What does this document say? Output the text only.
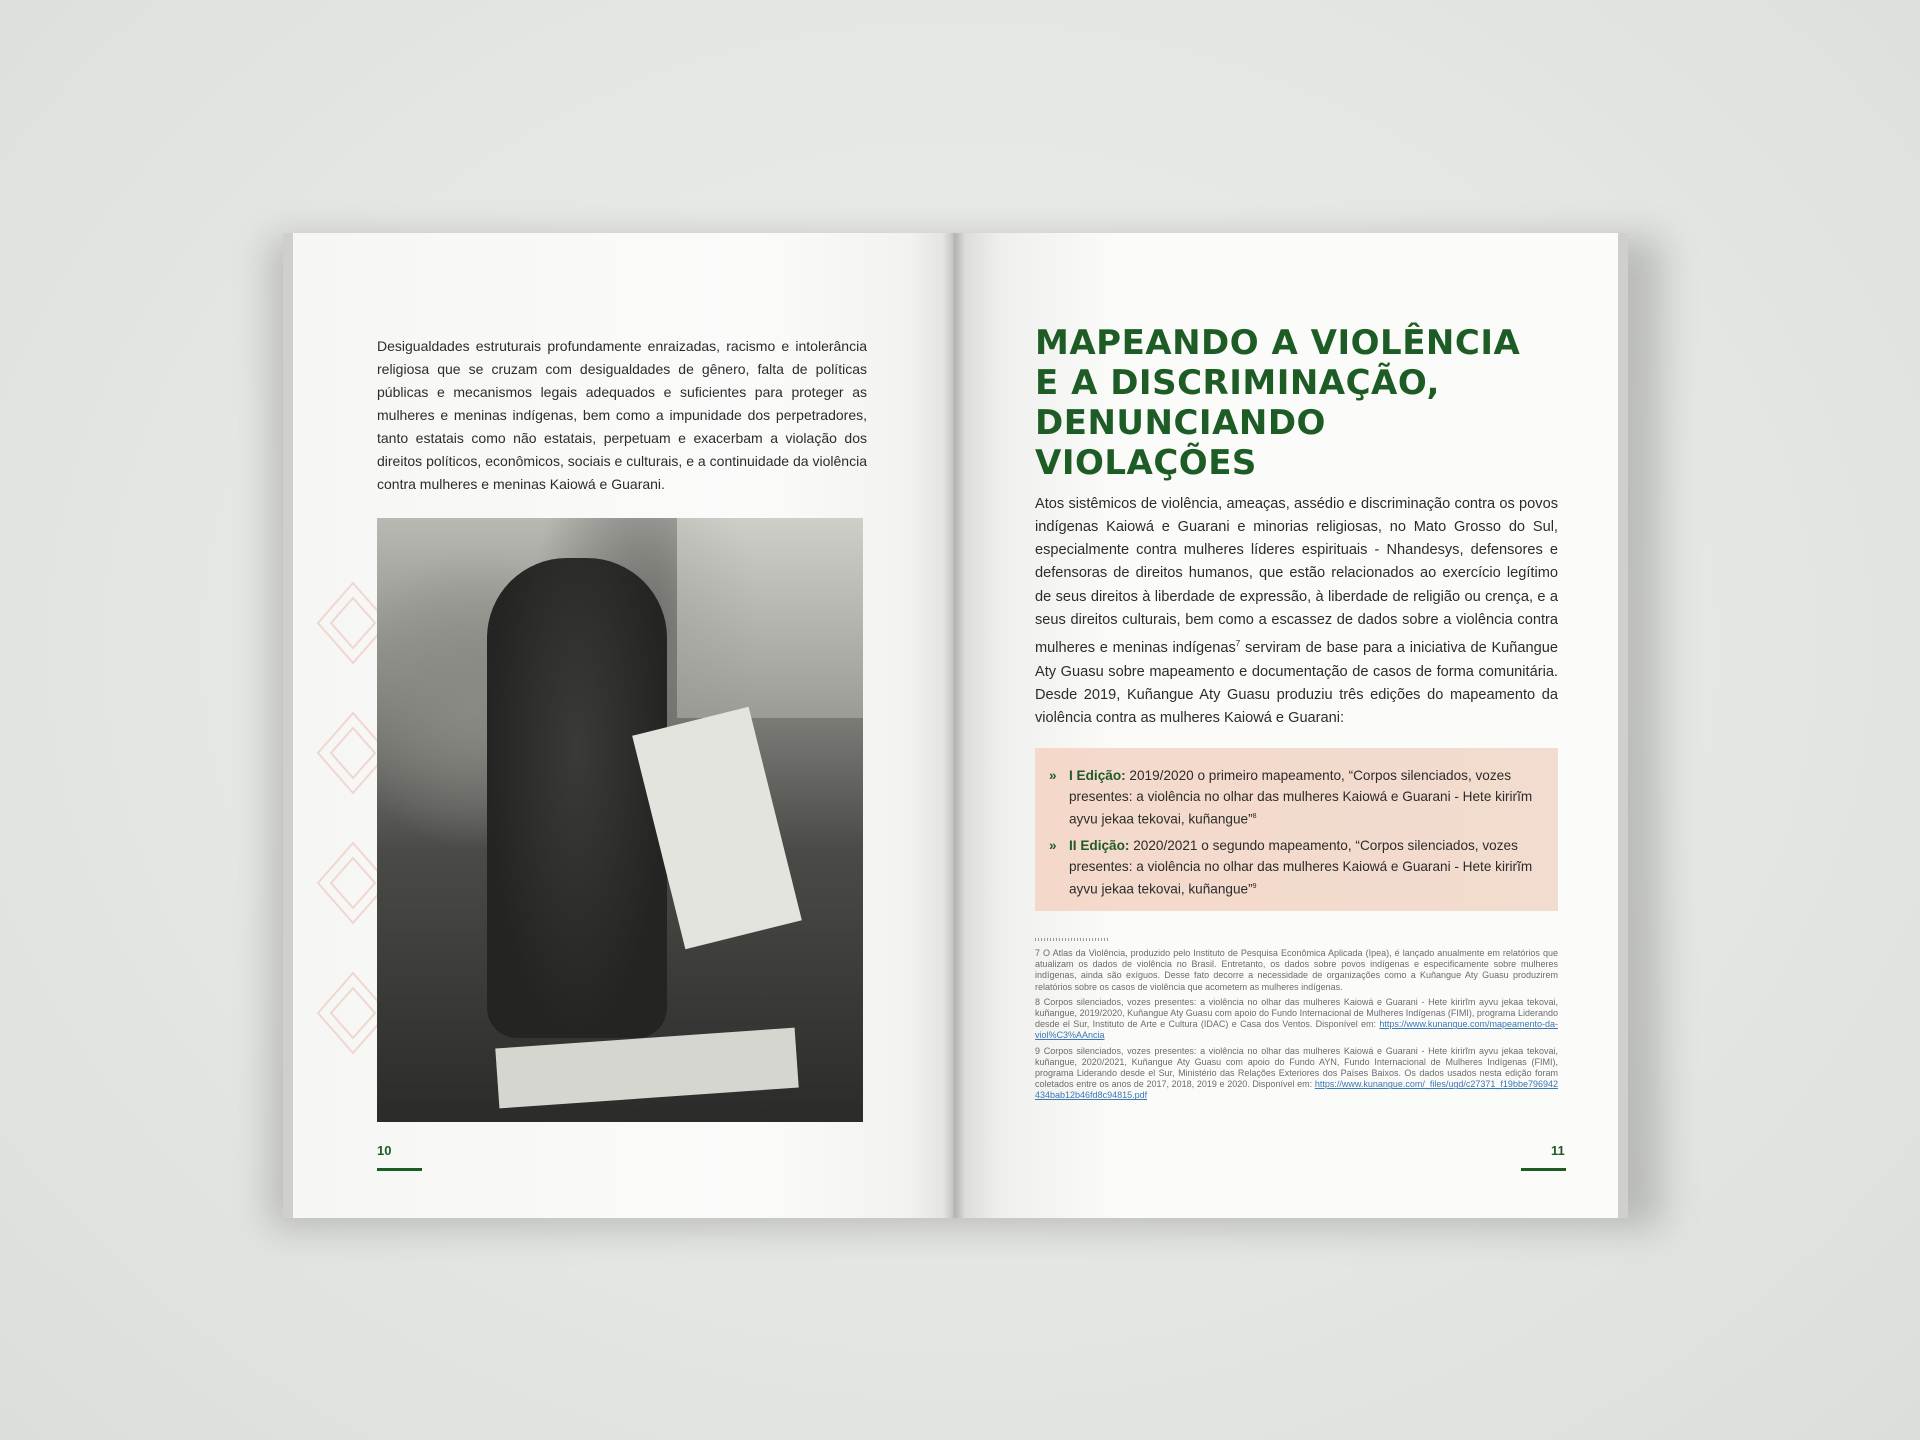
Desigualdades estruturais profundamente enraizadas, racismo e intolerância religiosa que se cruzam com desigualdades de gênero, falta de políticas públicas e mecanismos legais adequados e suficientes para proteger as mulheres e meninas indígenas, bem como a impunidade dos perpetradores, tanto estatais como não estatais, perpetuam e exacerbam a violação dos direitos políticos, econômicos, sociais e culturais, e a continuidade da violência contra mulheres e meninas Kaiowá e Guarani.

10
MAPEANDO A VIOLÊNCIA
E A DISCRIMINAÇÃO,
DENUNCIANDO VIOLAÇÕES

Atos sistêmicos de violência, ameaças, assédio e discriminação contra os povos indígenas Kaiowá e Guarani e minorias religiosas, no Mato Grosso do Sul, especialmente contra mulheres líderes espirituais - Nhandesys, defensores e defensoras de direitos humanos, que estão relacionados ao exercício legítimo de seus direitos à liberdade de expressão, à liberdade de religião ou crença, e a seus direitos culturais, bem como a escassez de dados sobre a violência contra mulheres e meninas indígenas$^7$ serviram de base para a iniciativa de Kuñangue Aty Guasu sobre mapeamento e documentação de casos de forma comunitária. Desde 2019, Kuñangue Aty Guasu produziu três edições do mapeamento da violência contra as mulheres Kaiowá e Guarani:

» I Edição: 2019/2020 o primeiro mapeamento, “Corpos silenciados, vozes presentes: a violência no olhar das mulheres Kaiowá e Guarani - Hete kirirĩm ayvu jekaa tekovai, kuñangue”$^8$
» II Edição: 2020/2021 o segundo mapeamento, “Corpos silenciados, vozes presentes: a violência no olhar das mulheres Kaiowá e Guarani - Hete kirirĩm ayvu jekaa tekovai, kuñangue”$^9$

7 O Atlas da Violência, produzido pelo Instituto de Pesquisa Econômica Aplicada (Ipea), é lançado anualmente em relatórios que atualizam os dados de violência no Brasil. Entretanto, os dados sobre povos indígenas e especificamente sobre mulheres indígenas, ainda são exíguos. Desse fato decorre a necessidade de organizações como a Kuñangue Aty Guasu produzirem relatórios sobre os casos de violência que acometem as mulheres indígenas.

8 Corpos silenciados, vozes presentes: a violência no olhar das mulheres Kaiowá e Guarani - Hete kirirĩm ayvu jekaa tekovai, kuñangue, 2019/2020, Kuñangue Aty Guasu com apoio do Fundo Internacional de Mulheres Indígenas (FIMI), programa Liderando desde el Sur, Instituto de Arte e Cultura (IDAC) e Casa dos Ventos. Disponível em: https://www.kunangue.com/mapeamento-da-viol%C3%AAncia

9 Corpos silenciados, vozes presentes: a violência no olhar das mulheres Kaiowá e Guarani - Hete kirirĩm ayvu jekaa tekovai, kuñangue, 2020/2021, Kuñangue Aty Guasu com apoio do Fundo AYN, Fundo Internacional de Mulheres Indígenas (FIMI), programa Liderando desde el Sur, Ministério das Relações Exteriores dos Países Baixos. Os dados usados nesta edição foram coletados entre os anos de 2017, 2018, 2019 e 2020. Disponível em: https://www.kunangue.com/_files/ugd/c27371_f19bbe796942434bab12b46fd8c94815.pdf

11
